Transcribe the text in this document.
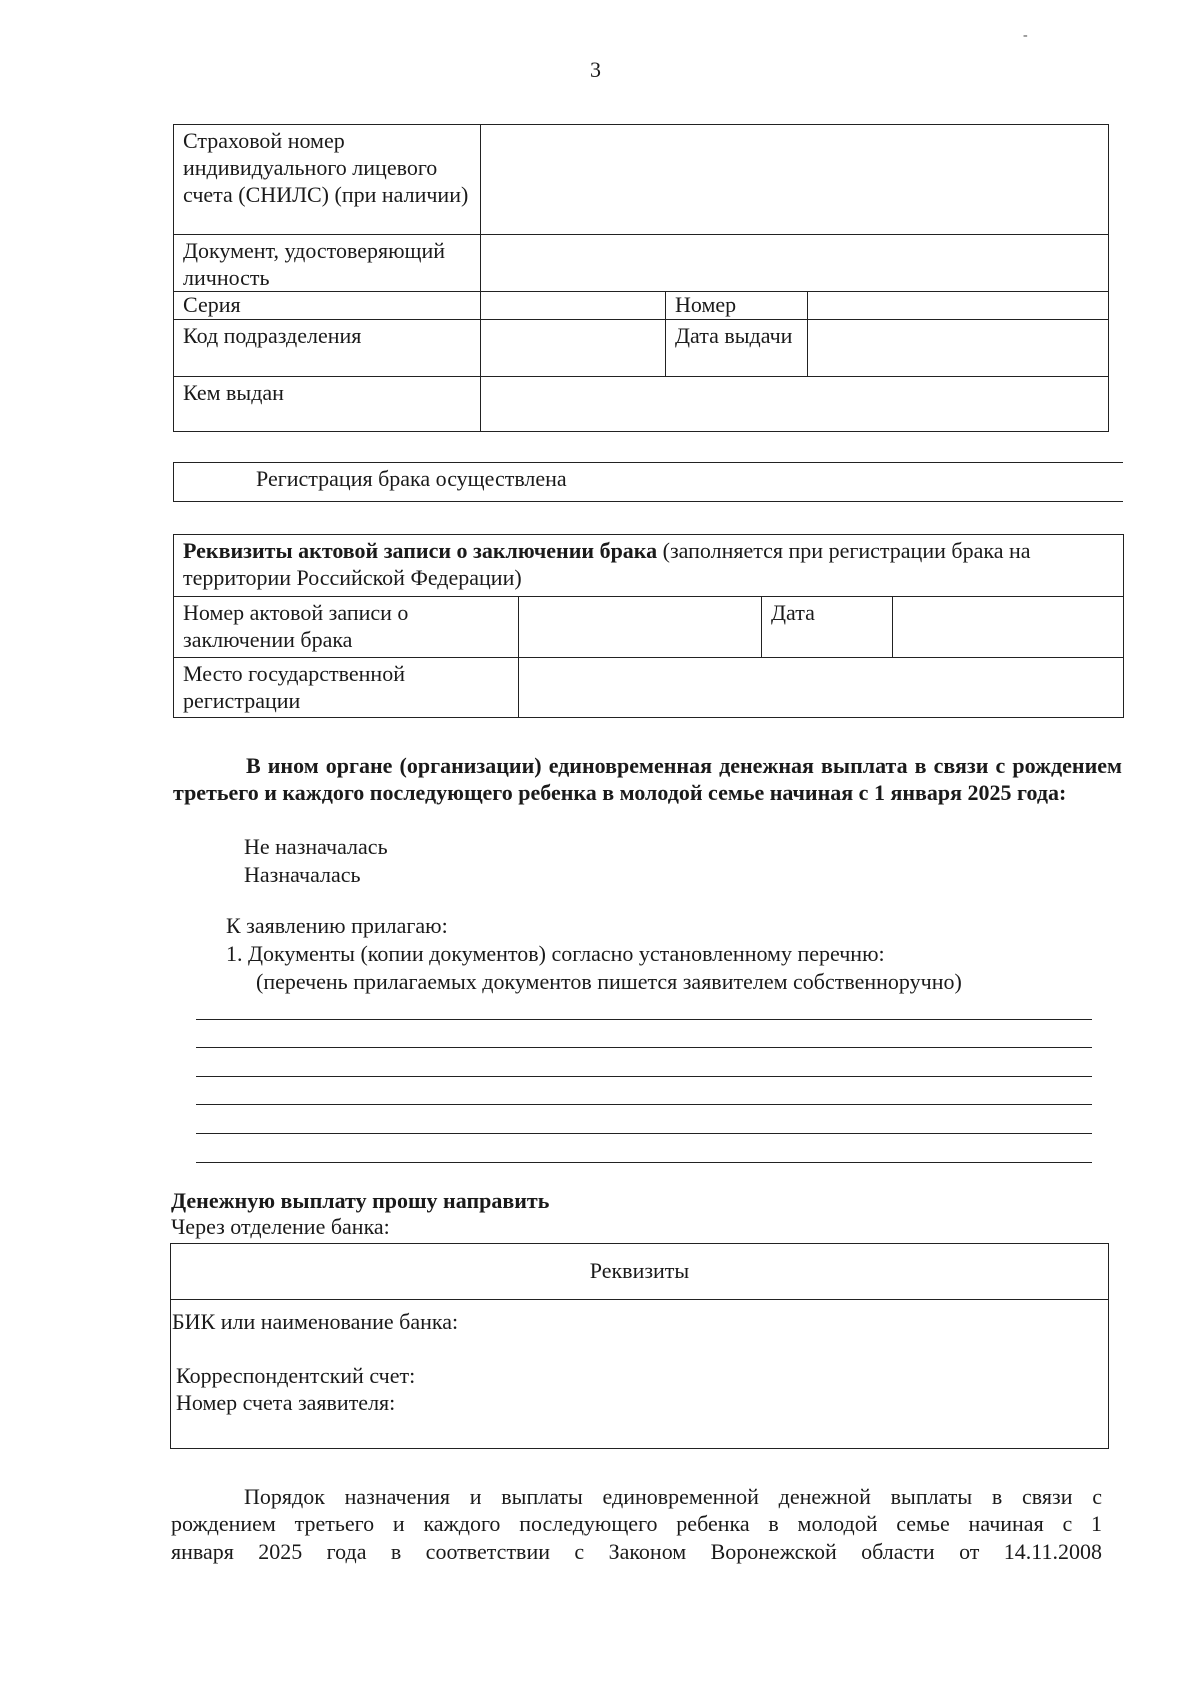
3
-
Страховой номер индивидуального лицевого счета (СНИЛС) (при наличии)			
Документ, удостоверяющий личность			
Серия		Номер	
Код подразделения		Дата выдачи	
Кем выдан			
Регистрация брака осуществлена
Реквизиты актовой записи о заключении брака (заполняется при регистрации брака на территории Российской Федерации)			
Номер актовой записи о заключении брака		Дата	
Место государственной регистрации			
В ином органе (организации) единовременная денежная выплата в связи с рождением третьего и каждого последующего ребенка в молодой семье начиная с 1 января 2025 года:
Не назначалась
Назначалась
К заявлению прилагаю:
1. Документы (копии документов) согласно установленному перечню:
(перечень прилагаемых документов пишется заявителем собственноручно)
Денежную выплату прошу направить
Через отделение банка:
Реквизиты
БИК или наименование банка:
Корреспондентский счет:
Номер счета заявителя:
Порядок назначения и выплаты единовременной денежной выплаты в связи с
рождением третьего и каждого последующего ребенка в молодой семье начиная с 1
января 2025 года в соответствии с Законом Воронежской области от 14.11.2008
